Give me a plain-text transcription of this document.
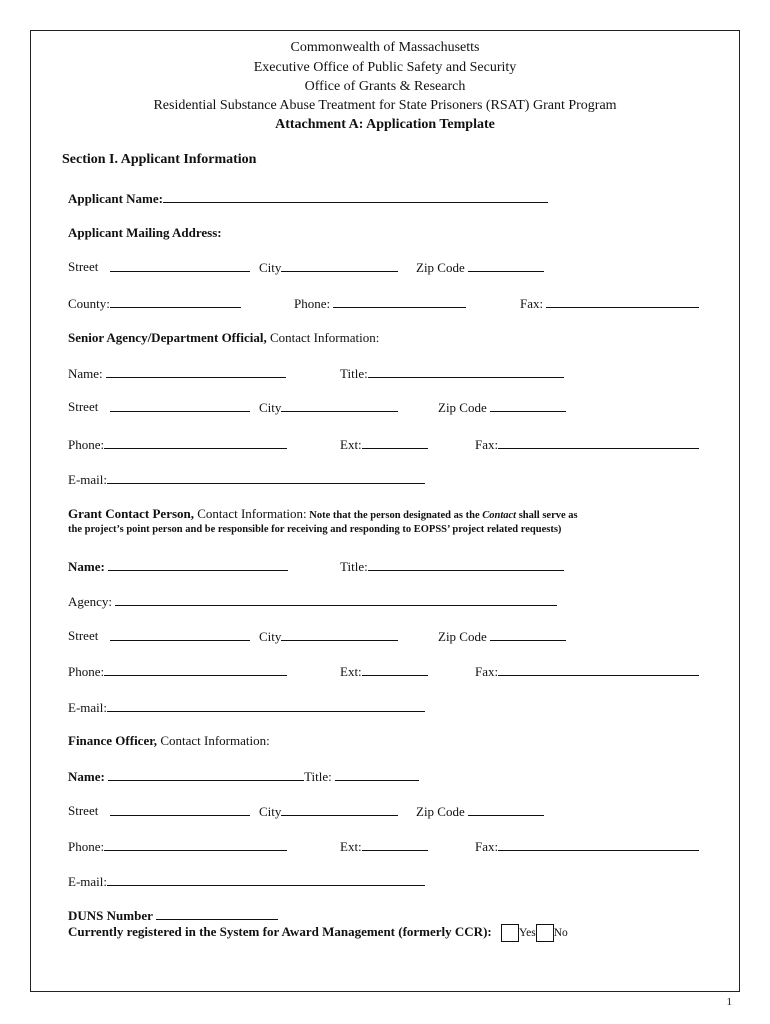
Commonwealth of Massachusetts
Executive Office of Public Safety and Security
Office of Grants & Research
Residential Substance Abuse Treatment for State Prisoners (RSAT) Grant Program
Attachment A: Application Template
Section I. Applicant Information
Applicant Name:
Applicant Mailing Address:
Street	City	Zip Code
County:	Phone:	Fax:
Senior Agency/Department Official, Contact Information:
Name:	Title:
Street	City	Zip Code
Phone:	Ext:	Fax:
E-mail:
Grant Contact Person, Contact Information: Note that the person designated as the Contact shall serve as
the project’s point person and be responsible for receiving and responding to EOPSS’ project related requests)
Name:	Title:
Agency:
Street	City	Zip Code
Phone:	Ext:	Fax:
E-mail:
Finance Officer, Contact Information:
Name:	Title:
Street	City	Zip Code
Phone:	Ext:	Fax:
E-mail:
DUNS Number
Currently registered in the System for Award Management (formerly CCR): Yes No
1
